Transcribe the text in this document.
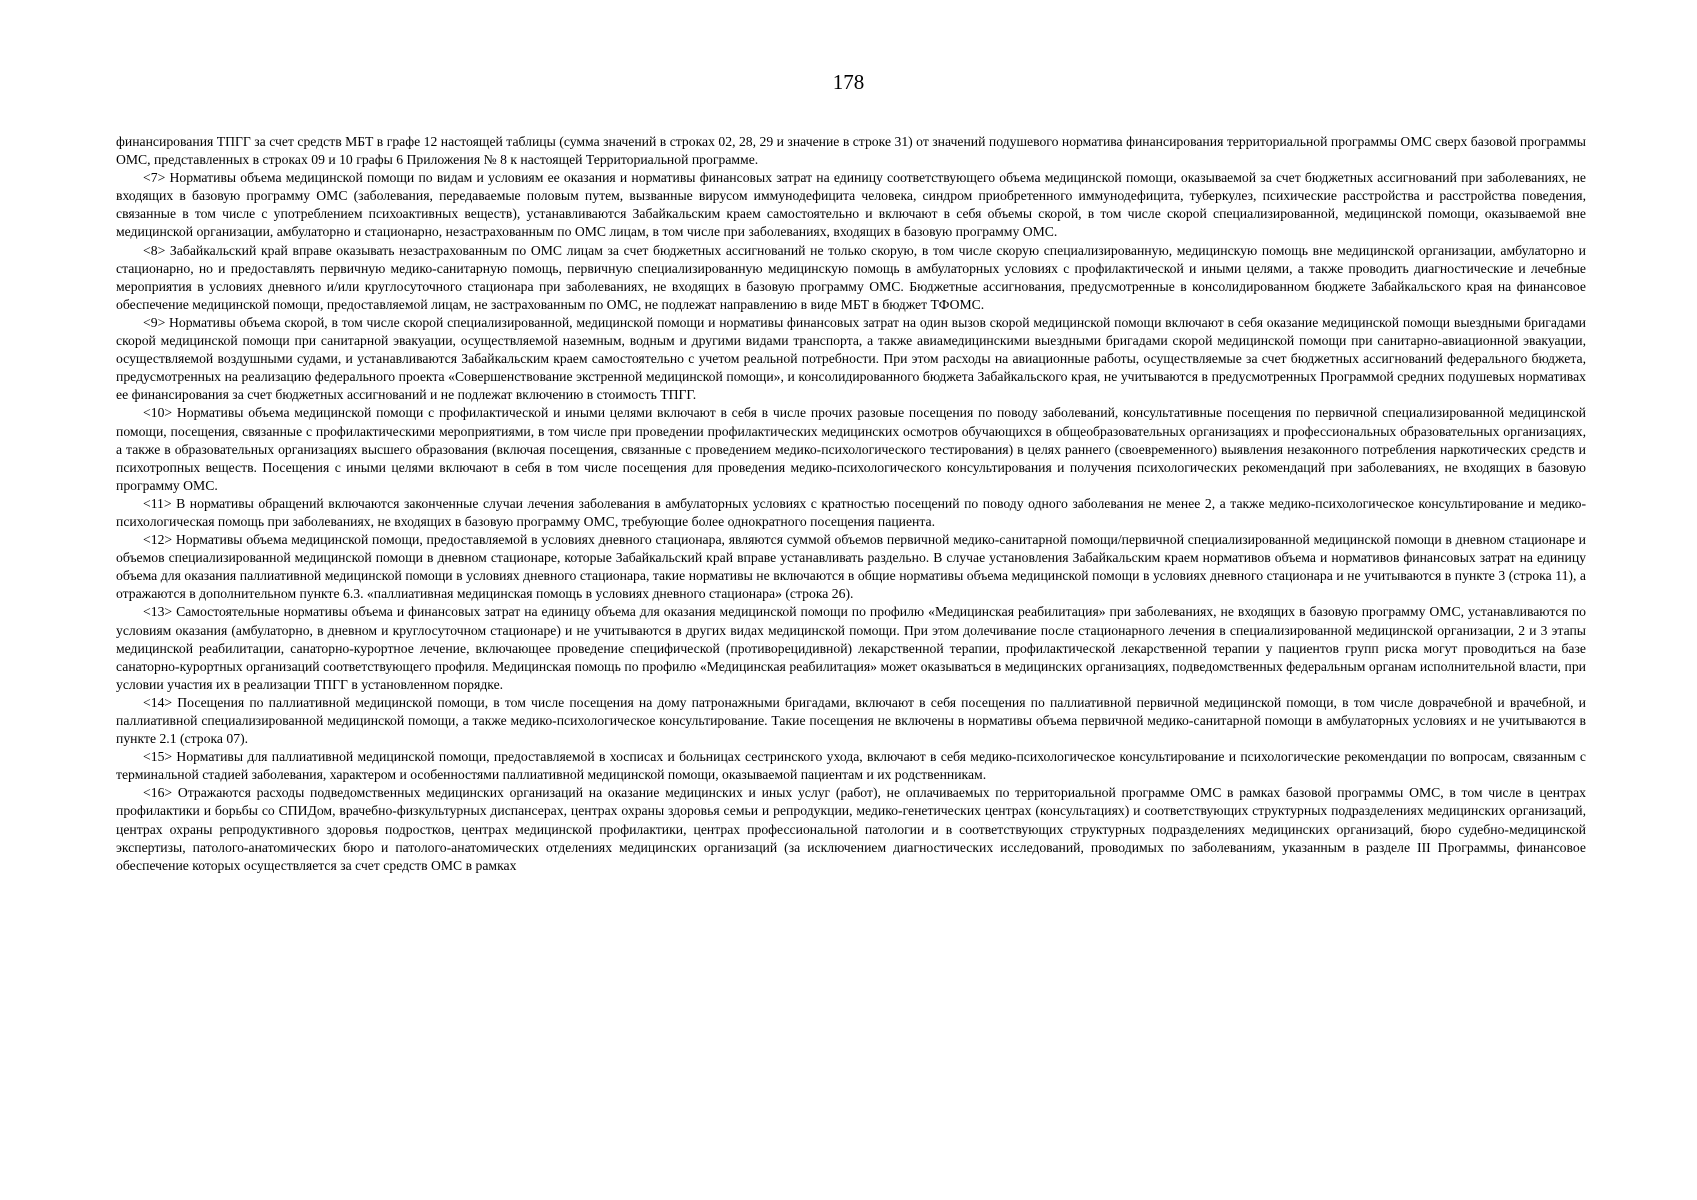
178

финансирования ТПГГ за счет средств МБТ в графе 12 настоящей таблицы (сумма значений в строках 02, 28, 29 и значение в строке 31) от значений подушевого норматива финансирования территориальной программы ОМС сверх базовой программы ОМС, представленных в строках 09 и 10 графы 6 Приложения № 8 к настоящей Территориальной программе.

<7> Нормативы объема медицинской помощи по видам и условиям ее оказания и нормативы финансовых затрат на единицу соответствующего объема медицинской помощи, оказываемой за счет бюджетных ассигнований при заболеваниях, не входящих в базовую программу ОМС (заболевания, передаваемые половым путем, вызванные вирусом иммунодефицита человека, синдром приобретенного иммунодефицита, туберкулез, психические расстройства и расстройства поведения, связанные в том числе с употреблением психоактивных веществ), устанавливаются Забайкальским краем самостоятельно и включают в себя объемы скорой, в том числе скорой специализированной, медицинской помощи, оказываемой вне медицинской организации, амбулаторно и стационарно, незастрахованным по ОМС лицам, в том числе при заболеваниях, входящих в базовую программу ОМС.

<8> Забайкальский край вправе оказывать незастрахованным по ОМС лицам за счет бюджетных ассигнований не только скорую, в том числе скорую специализированную, медицинскую помощь вне медицинской организации, амбулаторно и стационарно, но и предоставлять первичную медико-санитарную помощь, первичную специализированную медицинскую помощь в амбулаторных условиях с профилактической и иными целями, а также проводить диагностические и лечебные мероприятия в условиях дневного и/или круглосуточного стационара при заболеваниях, не входящих в базовую программу ОМС. Бюджетные ассигнования, предусмотренные в консолидированном бюджете Забайкальского края на финансовое обеспечение медицинской помощи, предоставляемой лицам, не застрахованным по ОМС, не подлежат направлению в виде МБТ в бюджет ТФОМС.

<9> Нормативы объема скорой, в том числе скорой специализированной, медицинской помощи и нормативы финансовых затрат на один вызов скорой медицинской помощи включают в себя оказание медицинской помощи выездными бригадами скорой медицинской помощи при санитарной эвакуации, осуществляемой наземным, водным и другими видами транспорта, а также авиамедицинскими выездными бригадами скорой медицинской помощи при санитарно-авиационной эвакуации, осуществляемой воздушными судами, и устанавливаются Забайкальским краем самостоятельно с учетом реальной потребности. При этом расходы на авиационные работы, осуществляемые за счет бюджетных ассигнований федерального бюджета, предусмотренных на реализацию федерального проекта «Совершенствование экстренной медицинской помощи», и консолидированного бюджета Забайкальского края, не учитываются в предусмотренных Программой средних подушевых нормативах ее финансирования за счет бюджетных ассигнований и не подлежат включению в стоимость ТПГГ.

<10> Нормативы объема медицинской помощи с профилактической и иными целями включают в себя в числе прочих разовые посещения по поводу заболеваний, консультативные посещения по первичной специализированной медицинской помощи, посещения, связанные с профилактическими мероприятиями, в том числе при проведении профилактических медицинских осмотров обучающихся в общеобразовательных организациях и профессиональных образовательных организациях, а также в образовательных организациях высшего образования (включая посещения, связанные с проведением медико-психологического тестирования) в целях раннего (своевременного) выявления незаконного потребления наркотических средств и психотропных веществ. Посещения с иными целями включают в себя в том числе посещения для проведения медико-психологического консультирования и получения психологических рекомендаций при заболеваниях, не входящих в базовую программу ОМС.

<11> В нормативы обращений включаются законченные случаи лечения заболевания в амбулаторных условиях с кратностью посещений по поводу одного заболевания не менее 2, а также медико-психологическое консультирование и медико-психологическая помощь при заболеваниях, не входящих в базовую программу ОМС, требующие более однократного посещения пациента.

<12> Нормативы объема медицинской помощи, предоставляемой в условиях дневного стационара, являются суммой объемов первичной медико-санитарной помощи/первичной специализированной медицинской помощи в дневном стационаре и объемов специализированной медицинской помощи в дневном стационаре, которые Забайкальский край вправе устанавливать раздельно. В случае установления Забайкальским краем нормативов объема и нормативов финансовых затрат на единицу объема для оказания паллиативной медицинской помощи в условиях дневного стационара, такие нормативы не включаются в общие нормативы объема медицинской помощи в условиях дневного стационара и не учитываются в пункте 3 (строка 11), а отражаются в дополнительном пункте 6.3. «паллиативная медицинская помощь в условиях дневного стационара» (строка 26).

<13> Самостоятельные нормативы объема и финансовых затрат на единицу объема для оказания медицинской помощи по профилю «Медицинская реабилитация» при заболеваниях, не входящих в базовую программу ОМС, устанавливаются по условиям оказания (амбулаторно, в дневном и круглосуточном стационаре) и не учитываются в других видах медицинской помощи. При этом долечивание после стационарного лечения в специализированной медицинской организации, 2 и 3 этапы медицинской реабилитации, санаторно-курортное лечение, включающее проведение специфической (противорецидивной) лекарственной терапии, профилактической лекарственной терапии у пациентов групп риска могут проводиться на базе санаторно-курортных организаций соответствующего профиля. Медицинская помощь по профилю «Медицинская реабилитация» может оказываться в медицинских организациях, подведомственных федеральным органам исполнительной власти, при условии участия их в реализации ТПГГ в установленном порядке.

<14> Посещения по паллиативной медицинской помощи, в том числе посещения на дому патронажными бригадами, включают в себя посещения по паллиативной первичной медицинской помощи, в том числе доврачебной и врачебной, и паллиативной специализированной медицинской помощи, а также медико-психологическое консультирование. Такие посещения не включены в нормативы объема первичной медико-санитарной помощи в амбулаторных условиях и не учитываются в пункте 2.1 (строка 07).

<15> Нормативы для паллиативной медицинской помощи, предоставляемой в хосписах и больницах сестринского ухода, включают в себя медико-психологическое консультирование и психологические рекомендации по вопросам, связанным с терминальной стадией заболевания, характером и особенностями паллиативной медицинской помощи, оказываемой пациентам и их родственникам.

<16> Отражаются расходы подведомственных медицинских организаций на оказание медицинских и иных услуг (работ), не оплачиваемых по территориальной программе ОМС в рамках базовой программы ОМС, в том числе в центрах профилактики и борьбы со СПИДом, врачебно-физкультурных диспансерах, центрах охраны здоровья семьи и репродукции, медико-генетических центрах (консультациях) и соответствующих структурных подразделениях медицинских организаций, центрах охраны репродуктивного здоровья подростков, центрах медицинской профилактики, центрах профессиональной патологии и в соответствующих структурных подразделениях медицинских организаций, бюро судебно-медицинской экспертизы, патолого-анатомических бюро и патолого-анатомических отделениях медицинских организаций (за исключением диагностических исследований, проводимых по заболеваниям, указанным в разделе III Программы, финансовое обеспечение которых осуществляется за счет средств ОМС в рамках
